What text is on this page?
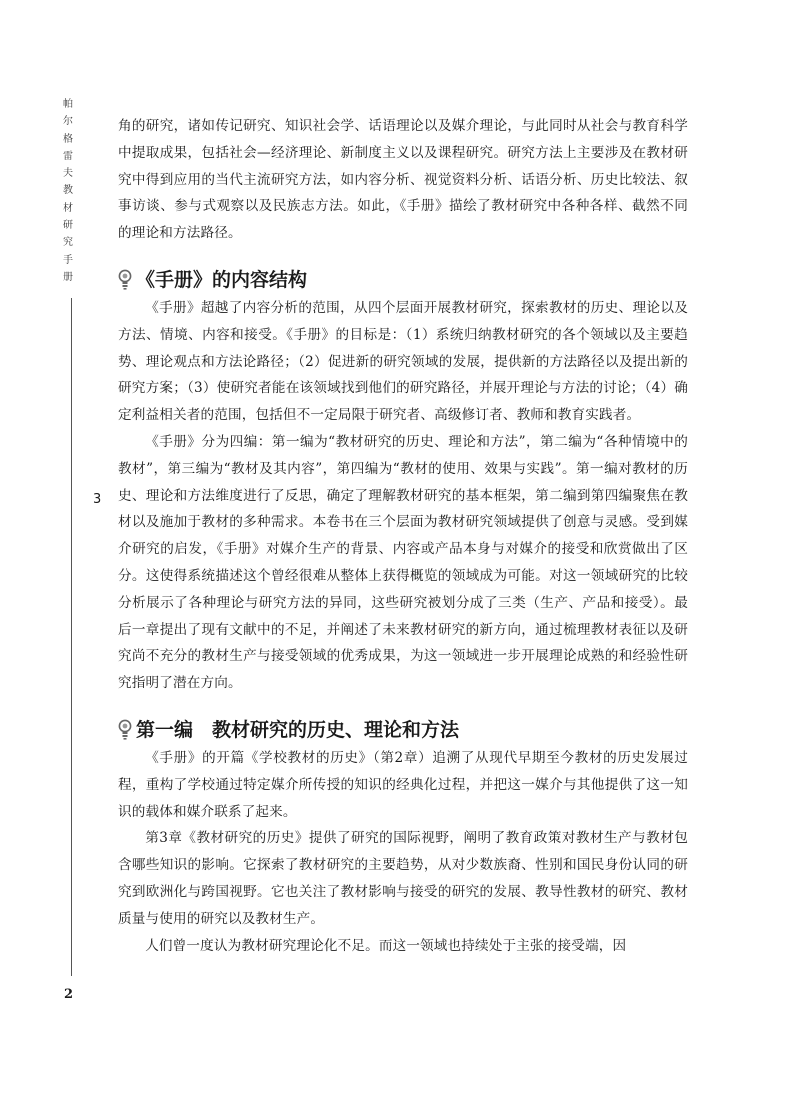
帕尔格雷夫教材研究手册
3
2

角的研究，诸如传记研究、知识社会学、话语理论以及媒介理论，与此同时从社会与教育科学中提取成果，包括社会—经济理论、新制度主义以及课程研究。研究方法上主要涉及在教材研究中得到应用的当代主流研究方法，如内容分析、视觉资料分析、话语分析、历史比较法、叙事访谈、参与式观察以及民族志方法。如此，《手册》描绘了教材研究中各种各样、截然不同的理论和方法路径。

《手册》的内容结构

《手册》超越了内容分析的范围，从四个层面开展教材研究，探索教材的历史、理论以及方法、情境、内容和接受。《手册》的目标是：（1）系统归纳教材研究的各个领域以及主要趋势、理论观点和方法论路径；（2）促进新的研究领域的发展，提供新的方法路径以及提出新的研究方案；（3）使研究者能在该领域找到他们的研究路径，并展开理论与方法的讨论；（4）确定利益相关者的范围，包括但不一定局限于研究者、高级修订者、教师和教育实践者。

《手册》分为四编：第一编为“教材研究的历史、理论和方法”，第二编为“各种情境中的教材”，第三编为“教材及其内容”，第四编为“教材的使用、效果与实践”。第一编对教材的历史、理论和方法维度进行了反思，确定了理解教材研究的基本框架，第二编到第四编聚焦在教材以及施加于教材的多种需求。本卷书在三个层面为教材研究领域提供了创意与灵感。受到媒介研究的启发，《手册》对媒介生产的背景、内容或产品本身与对媒介的接受和欣赏做出了区分。这使得系统描述这个曾经很难从整体上获得概览的领域成为可能。对这一领域研究的比较分析展示了各种理论与研究方法的异同，这些研究被划分成了三类（生产、产品和接受）。最后一章提出了现有文献中的不足，并阐述了未来教材研究的新方向，通过梳理教材表征以及研究尚不充分的教材生产与接受领域的优秀成果，为这一领域进一步开展理论成熟的和经验性研究指明了潜在方向。

第一编　教材研究的历史、理论和方法

《手册》的开篇《学校教材的历史》（第2章）追溯了从现代早期至今教材的历史发展过程，重构了学校通过特定媒介所传授的知识的经典化过程，并把这一媒介与其他提供了这一知识的载体和媒介联系了起来。

第3章《教材研究的历史》提供了研究的国际视野，阐明了教育政策对教材生产与教材包含哪些知识的影响。它探索了教材研究的主要趋势，从对少数族裔、性别和国民身份认同的研究到欧洲化与跨国视野。它也关注了教材影响与接受的研究的发展、教导性教材的研究、教材质量与使用的研究以及教材生产。

人们曾一度认为教材研究理论化不足。而这一领域也持续处于主张的接受端，因
